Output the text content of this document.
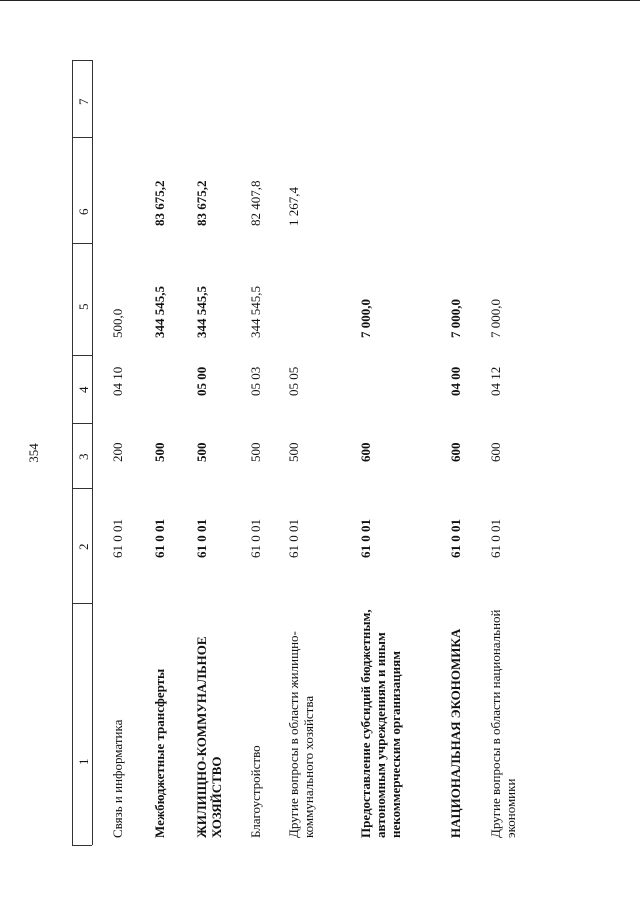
354
1
2
3
4
5
6
7
Связь и информатика
61 0 01
200
04 10
500,0
Межбюджетные трансферты
61 0 01
500
344 545,5
83 675,2
ЖИЛИЩНО-КОММУНАЛЬНОЕ ХОЗЯЙСТВО
61 0 01
500
05 00
344 545,5
83 675,2
Благоустройство
61 0 01
500
05 03
344 545,5
82 407,8
Другие вопросы в области жилищно-коммунального хозяйства
61 0 01
500
05 05
1 267,4
Предоставление субсидий бюджетным, автономным учреждениям и иным некоммерческим организациям
61 0 01
600
7 000,0
НАЦИОНАЛЬНАЯ ЭКОНОМИКА
61 0 01
600
04 00
7 000,0
Другие вопросы в области национальной экономики
61 0 01
600
04 12
7 000,0
